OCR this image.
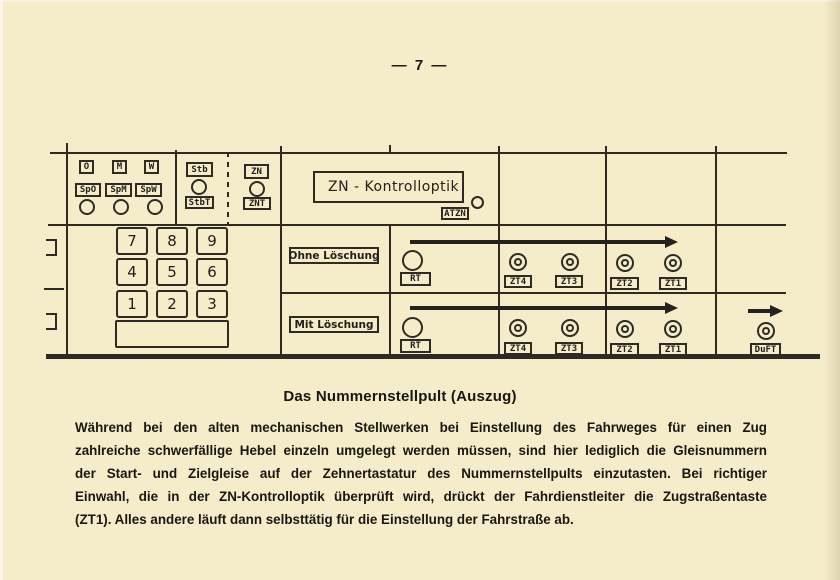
— 7 —
O	M	W
SpO	SpM	SpW
Stb
StbT
ZN
ZNT
ZN - Kontrolloptik
ATZN
7	8	9
4	5	6
1	2	3
Ohne Löschung
RT	ZT4	ZT3	ZT2	ZT1
Mit Löschung
RT	ZT4	ZT3	ZT2	ZT1	DuFT
Das Nummernstellpult (Auszug)
Während bei den alten mechanischen Stellwerken bei Einstellung des Fahrweges für einen Zug
zahlreiche schwerfällige Hebel einzeln umgelegt werden müssen, sind hier lediglich die Gleisnummern
der Start- und Zielgleise auf der Zehnertastatur des Nummernstellpults einzutasten. Bei richtiger
Einwahl, die in der ZN-Kontrolloptik überprüft wird, drückt der Fahrdienstleiter die Zugstraßentaste
(ZT1). Alles andere läuft dann selbsttätig für die Einstellung der Fahrstraße ab.
